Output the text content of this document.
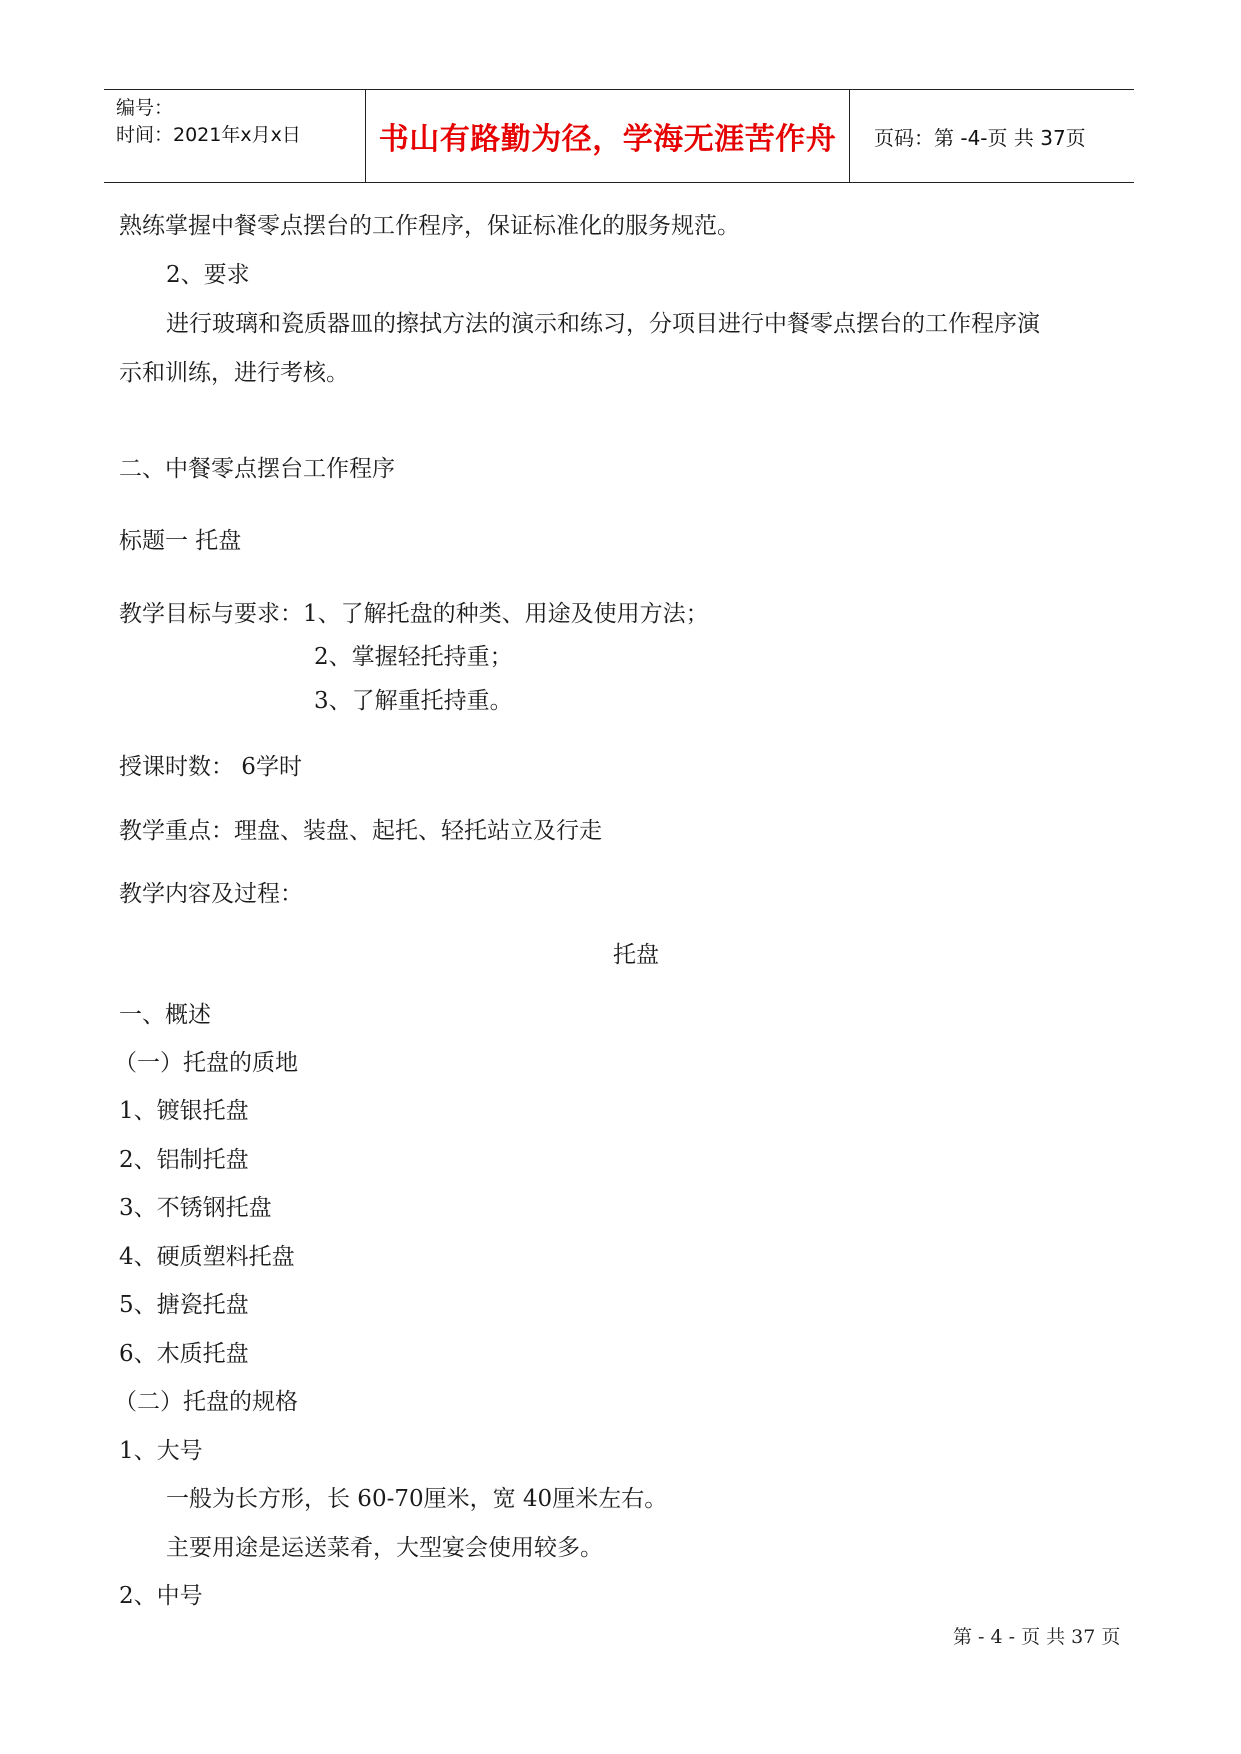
编号：
时间：2021年x月x日	书山有路勤为径，学海无涯苦作舟 页码：第 -4-页 共 37页
熟练掌握中餐零点摆台的工作程序，保证标准化的服务规范。
2、要求
进行玻璃和瓷质器皿的擦拭方法的演示和练习，分项目进行中餐零点摆台的工作程序演
示和训练，进行考核。
二、中餐零点摆台工作程序
标题一 托盘
教学目标与要求：1、了解托盘的种类、用途及使用方法；
2、掌握轻托持重；
3、了解重托持重。
授课时数： 6学时
教学重点：理盘、装盘、起托、轻托站立及行走
教学内容及过程：
托盘
一、概述
（一）托盘的质地
1、镀银托盘
2、铝制托盘
3、不锈钢托盘
4、硬质塑料托盘
5、搪瓷托盘
6、木质托盘
（二）托盘的规格
1、大号
一般为长方形，长 60-70厘米，宽 40厘米左右。
主要用途是运送菜肴，大型宴会使用较多。
2、中号
第 - 4 - 页 共 37 页
